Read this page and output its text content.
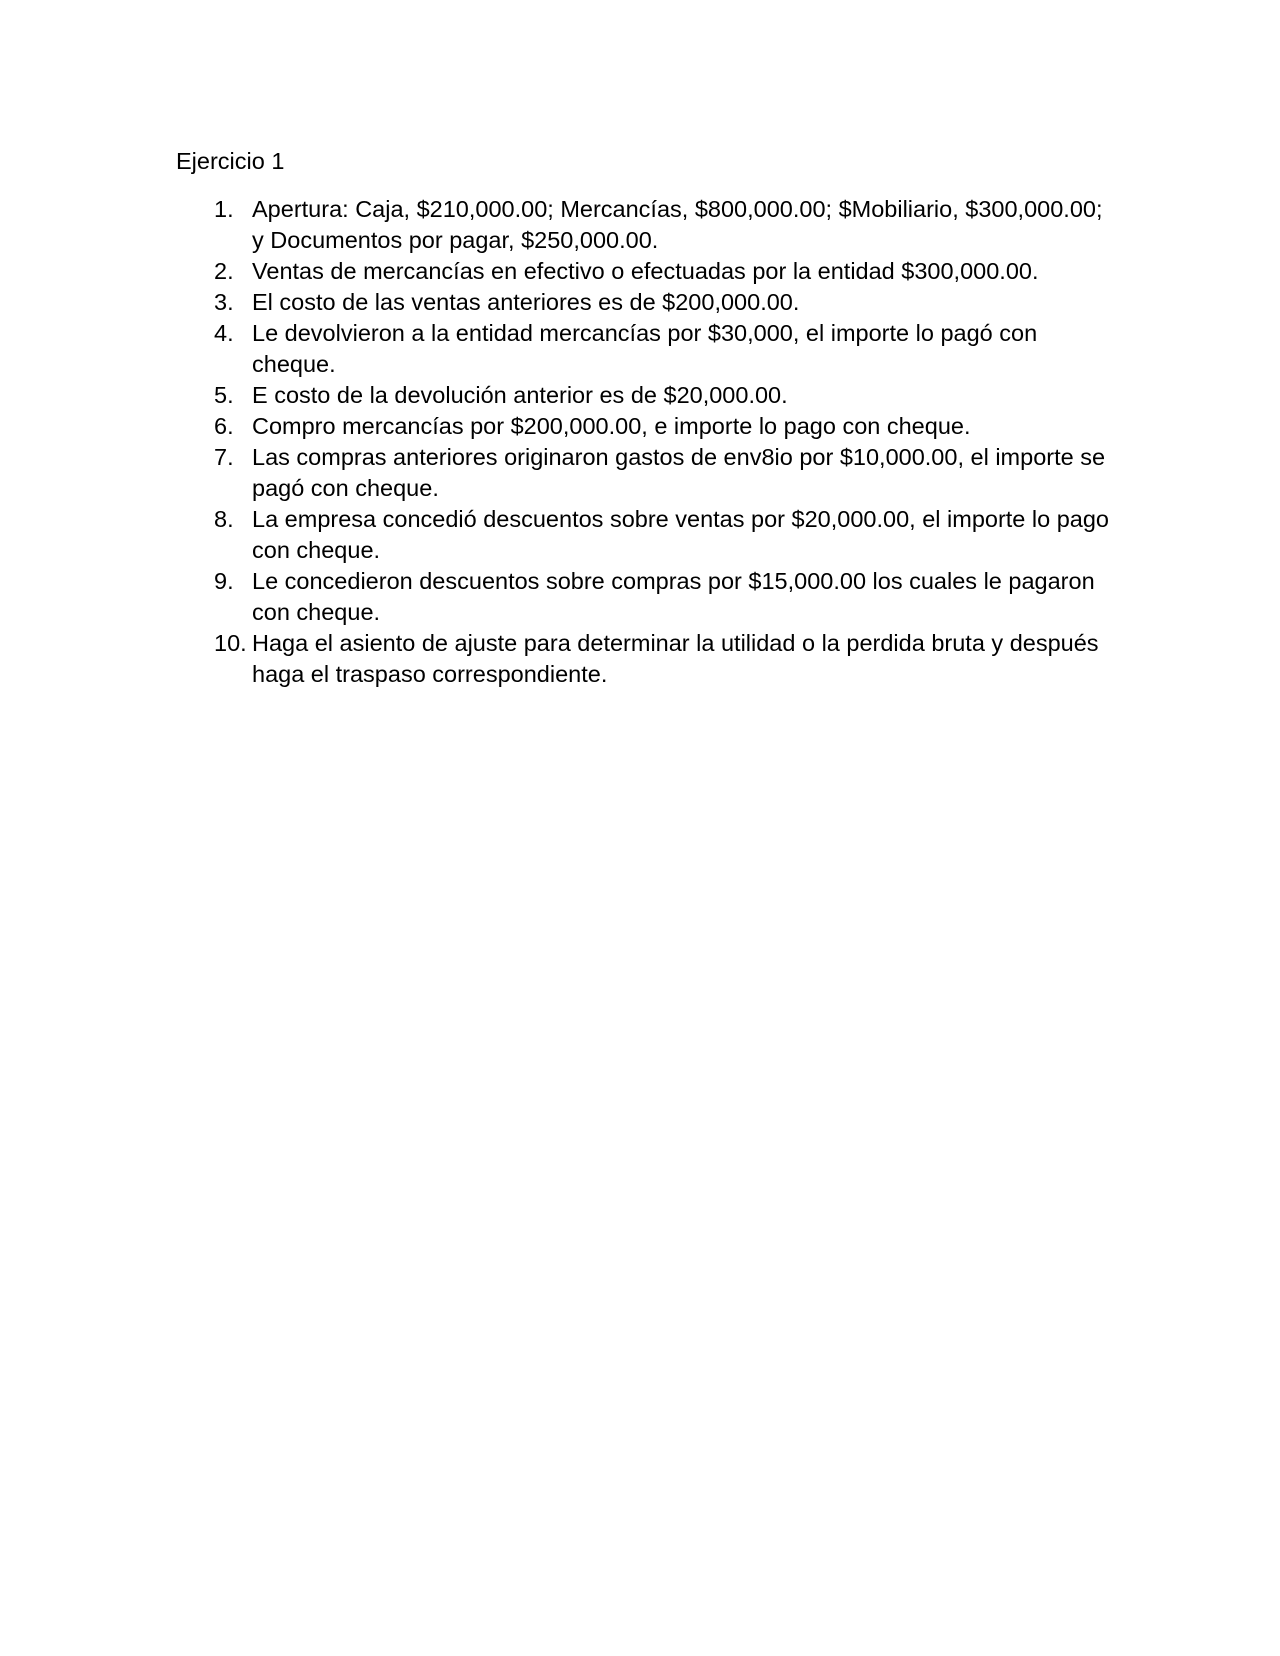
Ejercicio 1
1. Apertura: Caja, $210,000.00; Mercancías, $800,000.00; $Mobiliario, $300,000.00; y Documentos por pagar, $250,000.00.
2. Ventas de mercancías en efectivo o efectuadas por la entidad $300,000.00.
3. El costo de las ventas anteriores es de $200,000.00.
4. Le devolvieron a la entidad mercancías por $30,000, el importe lo pagó con cheque.
5. E costo de la devolución anterior es de $20,000.00.
6. Compro mercancías por $200,000.00, e importe lo pago con cheque.
7. Las compras anteriores originaron gastos de env8io por $10,000.00, el importe se pagó con cheque.
8. La empresa concedió descuentos sobre ventas por $20,000.00, el importe lo pago con cheque.
9. Le concedieron descuentos sobre compras por $15,000.00 los cuales le pagaron con cheque.
10. Haga el asiento de ajuste para determinar la utilidad o la perdida bruta y después haga el traspaso correspondiente.
